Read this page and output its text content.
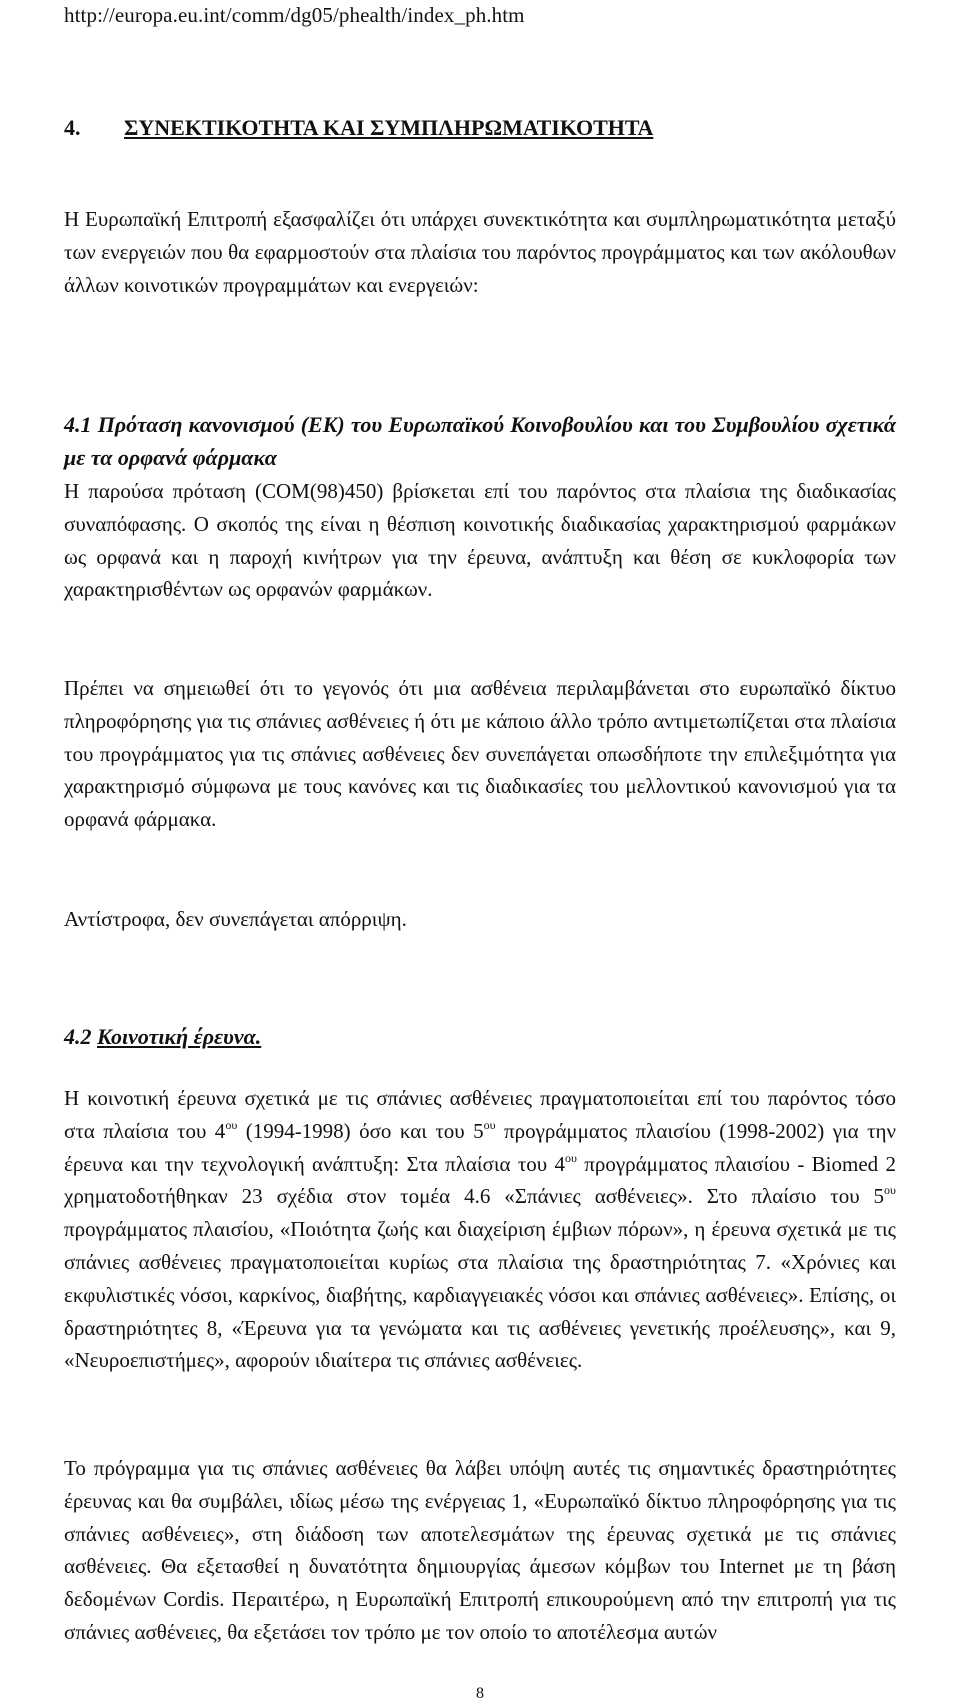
http://europa.eu.int/comm/dg05/phealth/index_ph.htm
4. ΣΥΝΕΚΤΙΚΟΤΗΤΑ ΚΑΙ ΣΥΜΠΛΗΡΩΜΑΤΙΚΟΤΗΤΑ

Η Ευρωπαϊκή Επιτροπή εξασφαλίζει ότι υπάρχει συνεκτικότητα και συμπληρωματικότητα μεταξύ των ενεργειών που θα εφαρμοστούν στα πλαίσια του παρόντος προγράμματος και των ακόλουθων άλλων κοινοτικών προγραμμάτων και ενεργειών:

4.1 Πρόταση κανονισμού (ΕΚ) του Ευρωπαϊκού Κοινοβουλίου και του Συμβουλίου σχετικά με τα ορφανά φάρμακα

Η παρούσα πρόταση (COM(98)450) βρίσκεται επί του παρόντος στα πλαίσια της διαδικασίας συναπόφασης. Ο σκοπός της είναι η θέσπιση κοινοτικής διαδικασίας χαρακτηρισμού φαρμάκων ως ορφανά και η παροχή κινήτρων για την έρευνα, ανάπτυξη και θέση σε κυκλοφορία των χαρακτηρισθέντων ως ορφανών φαρμάκων.

Πρέπει να σημειωθεί ότι το γεγονός ότι μια ασθένεια περιλαμβάνεται στο ευρωπαϊκό δίκτυο πληροφόρησης για τις σπάνιες ασθένειες ή ότι με κάποιο άλλο τρόπο αντιμετωπίζεται στα πλαίσια του προγράμματος για τις σπάνιες ασθένειες δεν συνεπάγεται οπωσδήποτε την επιλεξιμότητα για χαρακτηρισμό σύμφωνα με τους κανόνες και τις διαδικασίες του μελλοντικού κανονισμού για τα ορφανά φάρμακα.

Αντίστροφα, δεν συνεπάγεται απόρριψη.

4.2 Κοινοτική έρευνα.

Η κοινοτική έρευνα σχετικά με τις σπάνιες ασθένειες πραγματοποιείται επί του παρόντος τόσο στα πλαίσια του $4^{o\upsilon}$ (1994-1998) όσο και του $5^{o\upsilon}$ προγράμματος πλαισίου (1998-2002) για την έρευνα και την τεχνολογική ανάπτυξη: Στα πλαίσια του $4^{o\upsilon}$ προγράμματος πλαισίου - Biomed 2 χρηματοδοτήθηκαν 23 σχέδια στον τομέα 4.6 «Σπάνιες ασθένειες». Στο πλαίσιο του $5^{o\upsilon}$ προγράμματος πλαισίου, «Ποιότητα ζωής και διαχείριση έμβιων πόρων», η έρευνα σχετικά με τις σπάνιες ασθένειες πραγματοποιείται κυρίως στα πλαίσια της δραστηριότητας 7. «Χρόνιες και εκφυλιστικές νόσοι, καρκίνος, διαβήτης, καρδιαγγειακές νόσοι και σπάνιες ασθένειες». Επίσης, οι δραστηριότητες 8, «Έρευνα για τα γενώματα και τις ασθένειες γενετικής προέλευσης», και 9, «Νευροεπιστήμες», αφορούν ιδιαίτερα τις σπάνιες ασθένειες.

Το πρόγραμμα για τις σπάνιες ασθένειες θα λάβει υπόψη αυτές τις σημαντικές δραστηριότητες έρευνας και θα συμβάλει, ιδίως μέσω της ενέργειας 1, «Ευρωπαϊκό δίκτυο πληροφόρησης για τις σπάνιες ασθένειες», στη διάδοση των αποτελεσμάτων της έρευνας σχετικά με τις σπάνιες ασθένειες. Θα εξετασθεί η δυνατότητα δημιουργίας άμεσων κόμβων του Internet με τη βάση δεδομένων Cordis. Περαιτέρω, η Ευρωπαϊκή Επιτροπή επικουρούμενη από την επιτροπή για τις σπάνιες ασθένειες, θα εξετάσει τον τρόπο με τον οποίο το αποτέλεσμα αυτών

8
